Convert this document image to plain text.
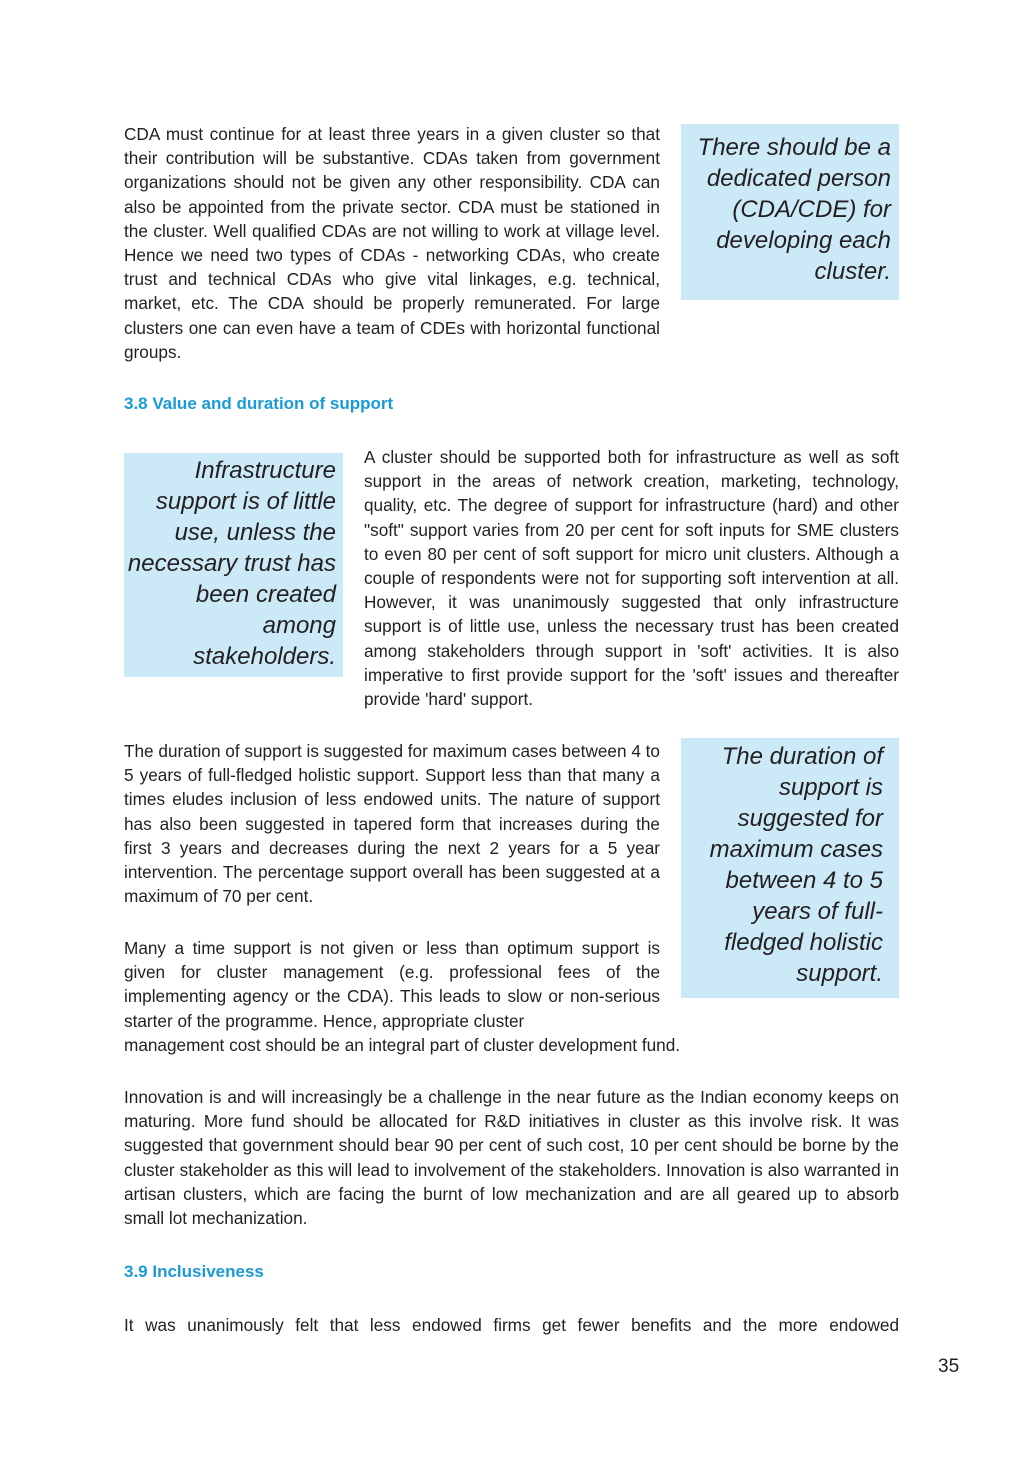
CDA must continue for at least three years in a given cluster so that their contribution will be substantive. CDAs taken from government organizations should not be given any other responsibility. CDA can also be appointed from the private sector. CDA must be stationed in the cluster. Well qualified CDAs are not willing to work at village level. Hence we need two types of CDAs - networking CDAs, who create trust and technical CDAs who give vital linkages, e.g. technical, market, etc. The CDA should be properly remunerated. For large clusters one can even have a team of CDEs with horizontal functional groups.

There should be a
dedicated person
(CDA/CDE) for
developing each
cluster.
3.8 Value and duration of support
Infrastructure
support is of little
use, unless the
necessary trust has
been created
among
stakeholders.

A cluster should be supported both for infrastructure as well as soft support in the areas of network creation, marketing, technology, quality, etc. The degree of support for infrastructure (hard) and other "soft" support varies from 20 per cent for soft inputs for SME clusters to even 80 per cent of soft support for micro unit clusters. Although a couple of respondents were not for supporting soft intervention at all. However, it was unanimously suggested that only infrastructure support is of little use, unless the necessary trust has been created among stakeholders through support in 'soft' activities. It is also imperative to first provide support for the 'soft' issues and thereafter provide 'hard' support.

The duration of support is suggested for maximum cases between 4 to 5 years of full-fledged holistic support. Support less than that many a times eludes inclusion of less endowed units. The nature of support has also been suggested in tapered form that increases during the first 3 years and decreases during the next 2 years for a 5 year intervention. The percentage support overall has been suggested at a maximum of 70 per cent.

The duration of
support is
suggested for
maximum cases
between 4 to 5
years of full-
fledged holistic
support.

Many a time support is not given or less than optimum support is given for cluster management (e.g. professional fees of the implementing agency or the CDA). This leads to slow or non-serious starter of the programme. Hence, appropriate cluster

management cost should be an integral part of cluster development fund.

Innovation is and will increasingly be a challenge in the near future as the Indian economy keeps on maturing. More fund should be allocated for R&D initiatives in cluster as this involve risk. It was suggested that government should bear 90 per cent of such cost, 10 per cent should be borne by the cluster stakeholder as this will lead to involvement of the stakeholders. Innovation is also warranted in artisan clusters, which are facing the burnt of low mechanization and are all geared up to absorb small lot mechanization.

3.9 Inclusiveness

It was unanimously felt that less endowed firms get fewer benefits and the more endowed

35
